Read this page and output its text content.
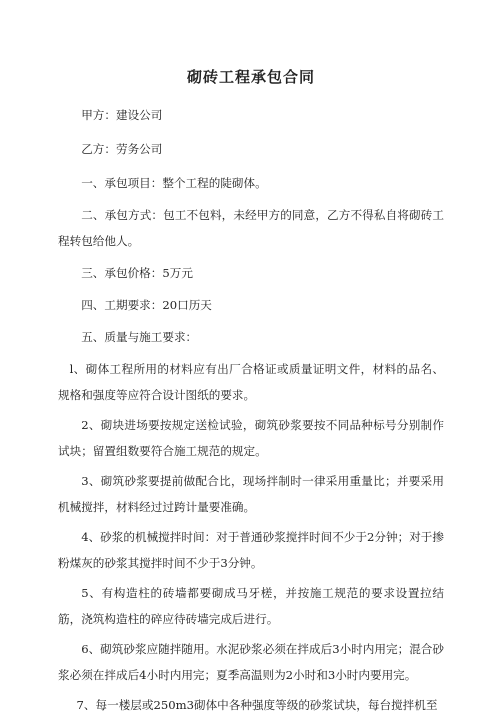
砌砖工程承包合同

甲方：建设公司

乙方：劳务公司

一、承包项目：整个工程的陡砌体。

二、承包方式：包工不包料，未经甲方的同意，乙方不得私自将砌砖工程转包给他人。

三、承包价格：5万元

四、工期要求：20口历天

五、质量与施工要求：

l、砌体工程所用的材料应有出厂合格证或质量证明文件，材料的品名、规格和强度等应符合设计图纸的要求。

2、砌块进场要按规定送检试验，砌筑砂浆要按不同品种标号分别制作试块；留置组数要符合施工规范的规定。

3、砌筑砂浆要提前做配合比，现场拌制时一律采用重量比；并要采用机械搅拌，材料经过过跨计量要准确。

4、砂浆的机械搅拌时间：对于普通砂浆搅拌时间不少于2分钟；对于掺粉煤灰的砂浆其搅拌时间不少于3分钟。

5、有构造柱的砖墙都要砌成马牙槎，并按施工规范的要求设置拉结筋，浇筑构造柱的碎应待砖墙完成后进行。

6、砌筑砂浆应随拌随用。水泥砂浆必须在拌成后3小时内用完；混合砂浆必须在拌成后4小时内用完；夏季高温则为2小时和3小时内要用完。

7、每一楼层或250m3砌体中各种强度等级的砂浆试块，每台搅拌机至
